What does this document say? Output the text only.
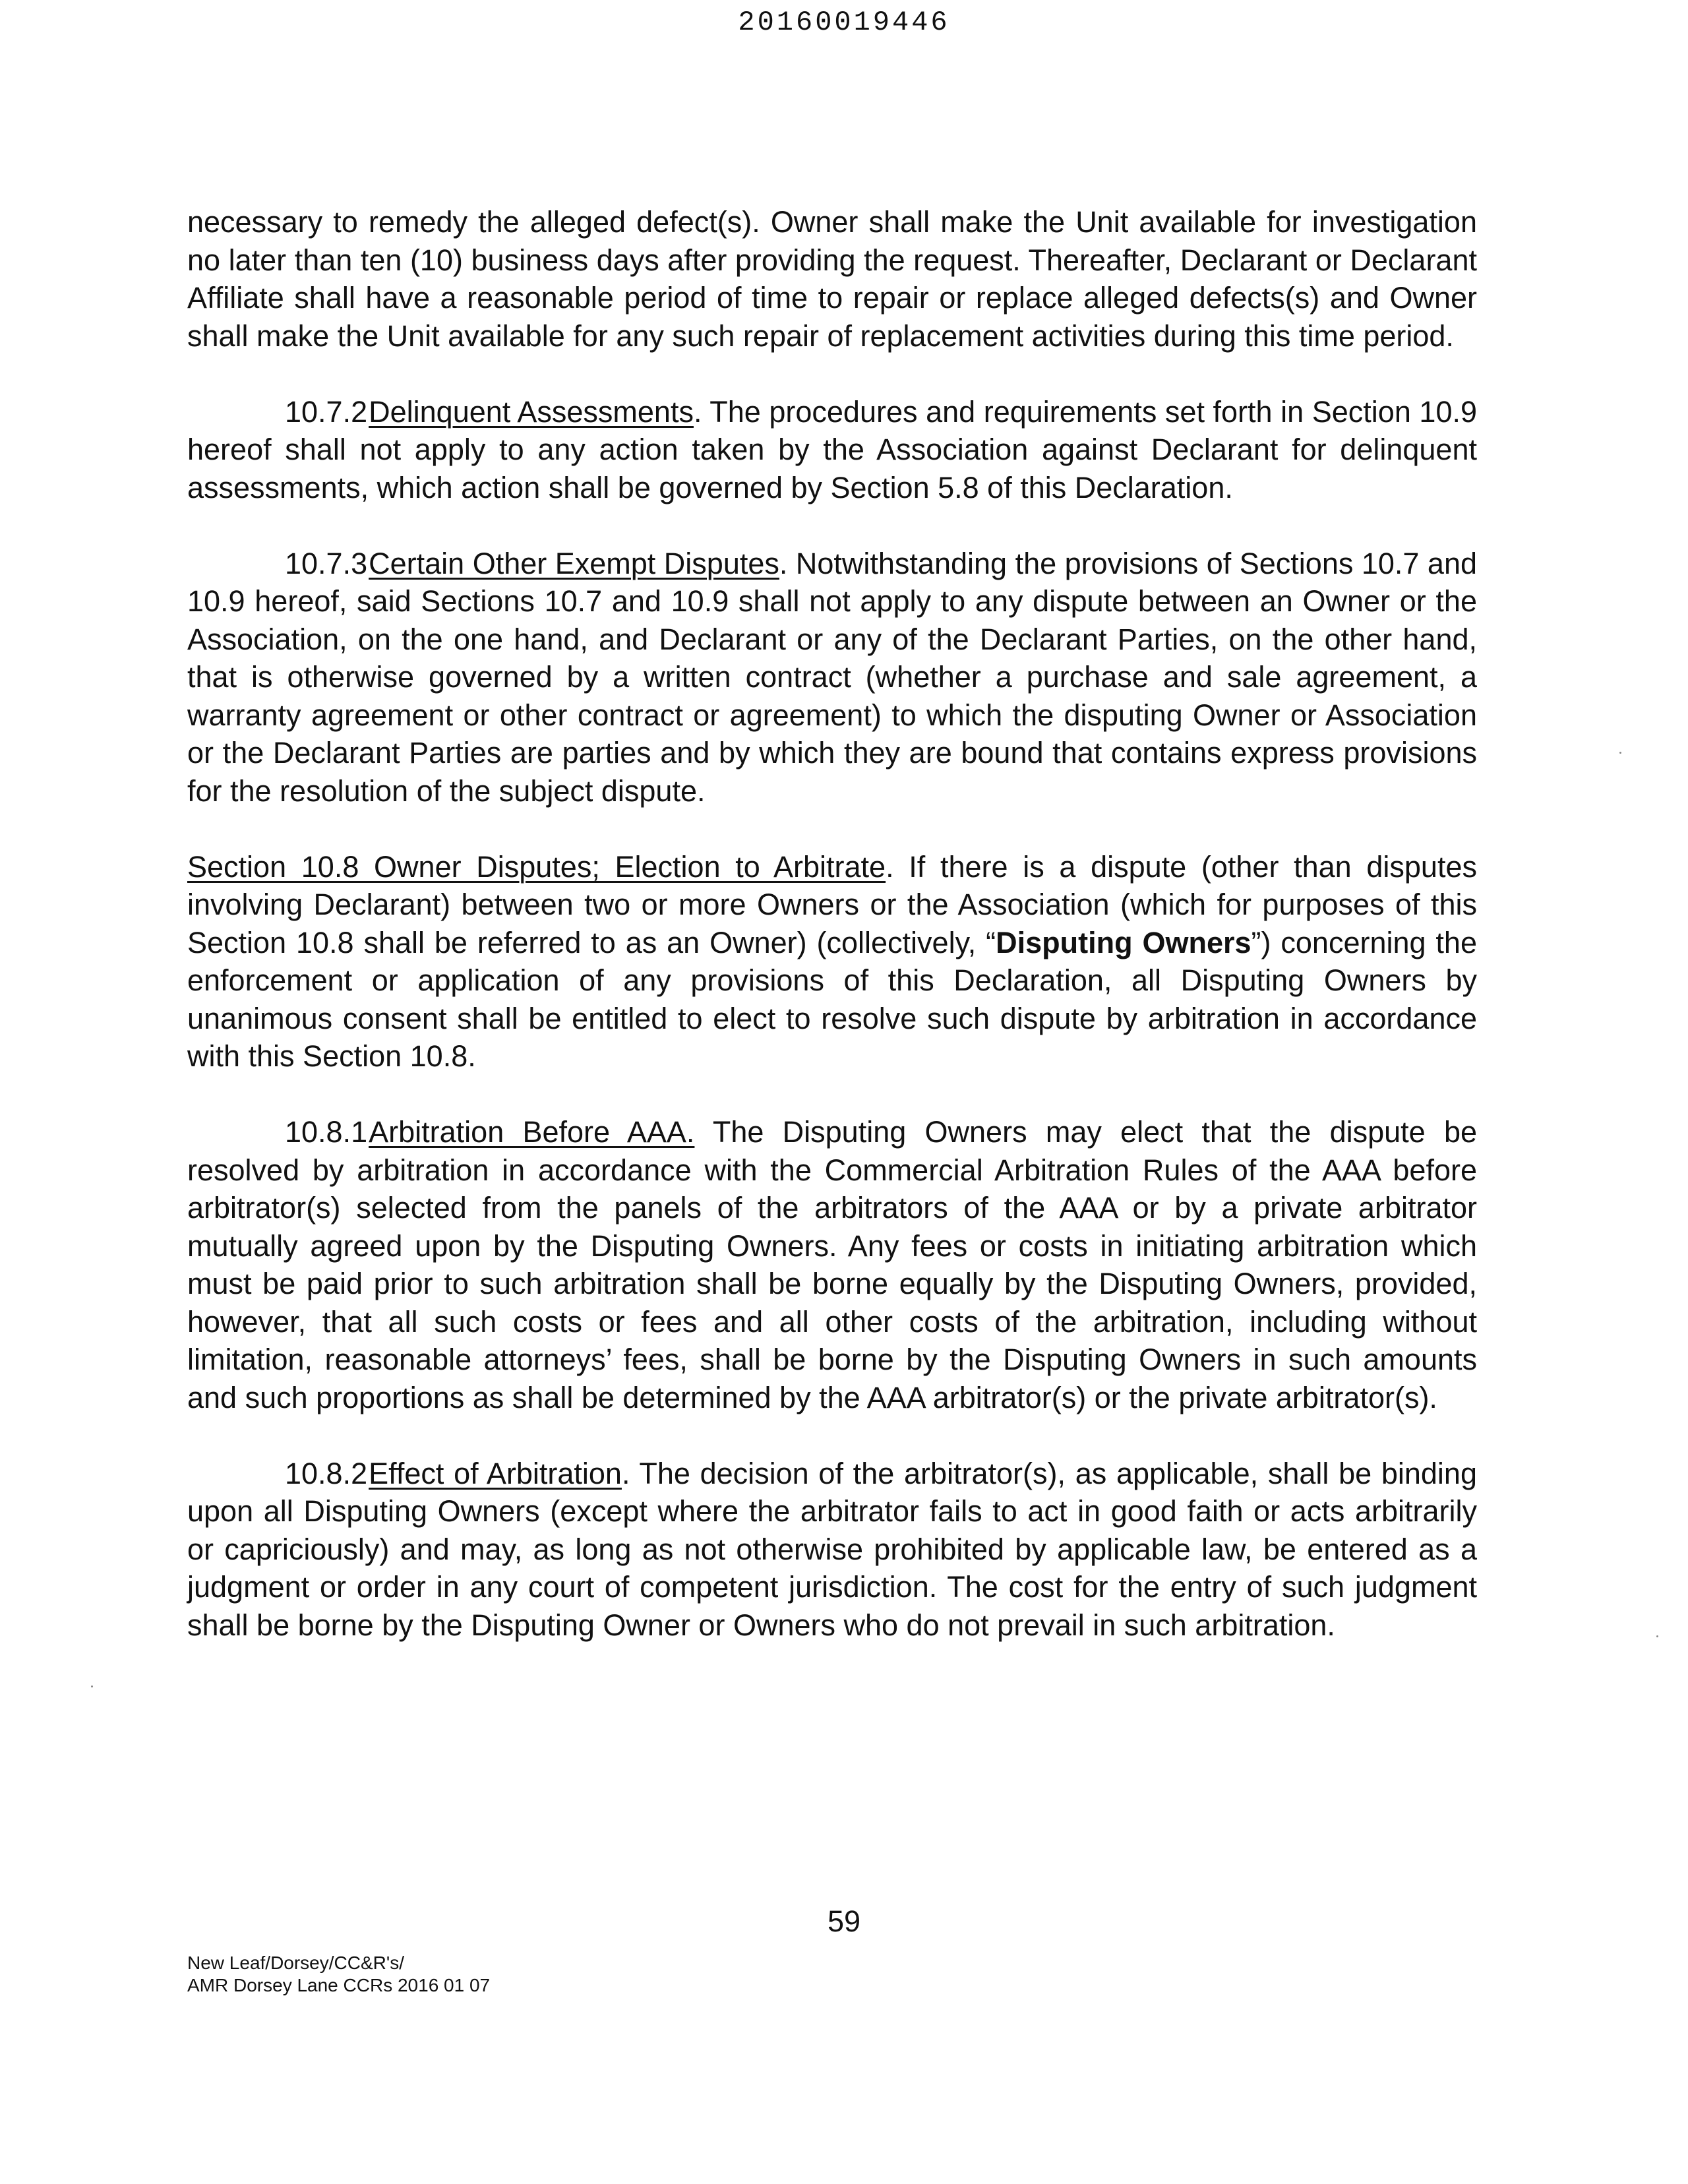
20160019446

necessary to remedy the alleged defect(s). Owner shall make the Unit available for investigation no later than ten (10) business days after providing the request. Thereafter, Declarant or Declarant Affiliate shall have a reasonable period of time to repair or replace alleged defects(s) and Owner shall make the Unit available for any such repair of replacement activities during this time period.

10.7.2Delinquent Assessments. The procedures and requirements set forth in Section 10.9 hereof shall not apply to any action taken by the Association against Declarant for delinquent assessments, which action shall be governed by Section 5.8 of this Declaration.

10.7.3Certain Other Exempt Disputes. Notwithstanding the provisions of Sections 10.7 and 10.9 hereof, said Sections 10.7 and 10.9 shall not apply to any dispute between an Owner or the Association, on the one hand, and Declarant or any of the Declarant Parties, on the other hand, that is otherwise governed by a written contract (whether a purchase and sale agreement, a warranty agreement or other contract or agreement) to which the disputing Owner or Association or the Declarant Parties are parties and by which they are bound that contains express provisions for the resolution of the subject dispute.

Section 10.8 Owner Disputes; Election to Arbitrate. If there is a dispute (other than disputes involving Declarant) between two or more Owners or the Association (which for purposes of this Section 10.8 shall be referred to as an Owner) (collectively, “Disputing Owners”) concerning the enforcement or application of any provisions of this Declaration, all Disputing Owners by unanimous consent shall be entitled to elect to resolve such dispute by arbitration in accordance with this Section 10.8.

10.8.1Arbitration Before AAA. The Disputing Owners may elect that the dispute be resolved by arbitration in accordance with the Commercial Arbitration Rules of the AAA before arbitrator(s) selected from the panels of the arbitrators of the AAA or by a private arbitrator mutually agreed upon by the Disputing Owners. Any fees or costs in initiating arbitration which must be paid prior to such arbitration shall be borne equally by the Disputing Owners, provided, however, that all such costs or fees and all other costs of the arbitration, including without limitation, reasonable attorneys’ fees, shall be borne by the Disputing Owners in such amounts and such proportions as shall be determined by the AAA arbitrator(s) or the private arbitrator(s).

10.8.2Effect of Arbitration. The decision of the arbitrator(s), as applicable, shall be binding upon all Disputing Owners (except where the arbitrator fails to act in good faith or acts arbitrarily or capriciously) and may, as long as not otherwise prohibited by applicable law, be entered as a judgment or order in any court of competent jurisdiction. The cost for the entry of such judgment shall be borne by the Disputing Owner or Owners who do not prevail in such arbitration.

59
New Leaf/Dorsey/CC&R's/
AMR Dorsey Lane CCRs 2016 01 07
